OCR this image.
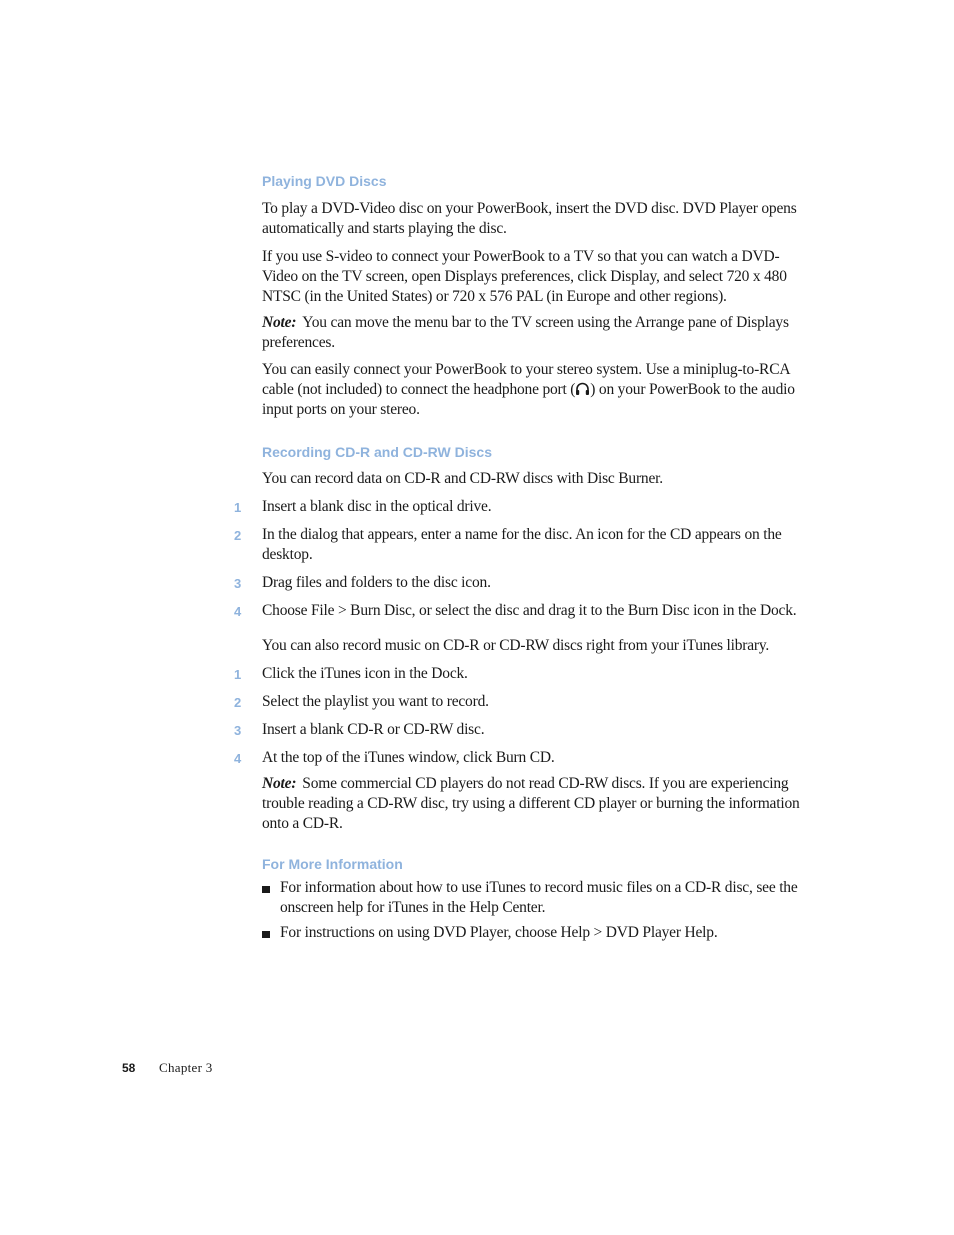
Playing DVD Discs
To play a DVD-Video disc on your PowerBook, insert the DVD disc. DVD Player opens automatically and starts playing the disc.
If you use S-video to connect your PowerBook to a TV so that you can watch a DVD-Video on the TV screen, open Displays preferences, click Display, and select 720 x 480 NTSC (in the United States) or 720 x 576 PAL (in Europe and other regions).
Note: You can move the menu bar to the TV screen using the Arrange pane of Displays preferences.
You can easily connect your PowerBook to your stereo system. Use a miniplug-to-RCA cable (not included) to connect the headphone port ( ) on your PowerBook to the audio input ports on your stereo.
Recording CD-R and CD-RW Discs
You can record data on CD-R and CD-RW discs with Disc Burner.
1	Insert a blank disc in the optical drive.
2	In the dialog that appears, enter a name for the disc. An icon for the CD appears on the desktop.
3	Drag files and folders to the disc icon.
4	Choose File > Burn Disc, or select the disc and drag it to the Burn Disc icon in the Dock.
You can also record music on CD-R or CD-RW discs right from your iTunes library.
1	Click the iTunes icon in the Dock.
2	Select the playlist you want to record.
3	Insert a blank CD-R or CD-RW disc.
4	At the top of the iTunes window, click Burn CD.
Note: Some commercial CD players do not read CD-RW discs. If you are experiencing trouble reading a CD-RW disc, try using a different CD player or burning the information onto a CD-R.
For More Information
For information about how to use iTunes to record music files on a CD-R disc, see the onscreen help for iTunes in the Help Center.
For instructions on using DVD Player, choose Help > DVD Player Help.
58 Chapter 3
